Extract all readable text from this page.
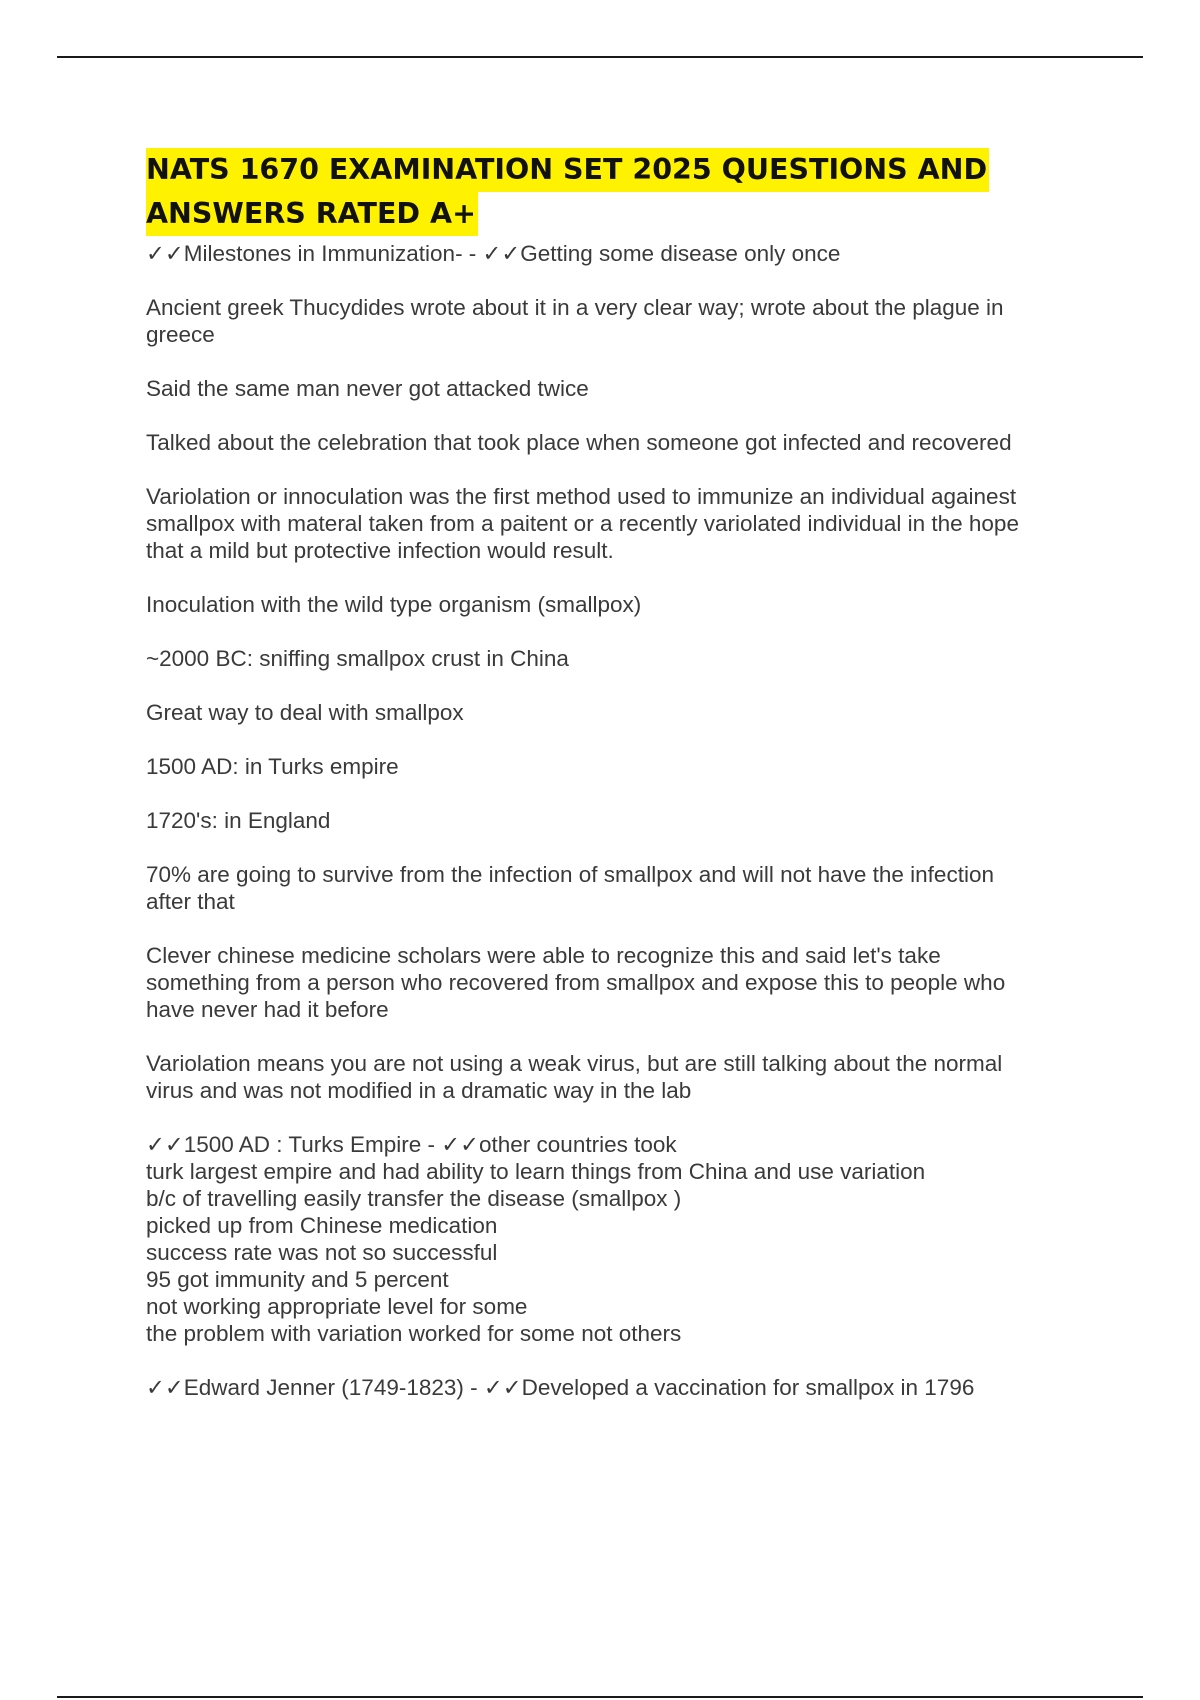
NATS 1670 EXAMINATION SET 2025 QUESTIONS AND
ANSWERS RATED A+

✓✓Milestones in Immunization- - ✓✓Getting some disease only once

Ancient greek Thucydides wrote about it in a very clear way; wrote about the plague in
greece

Said the same man never got attacked twice

Talked about the celebration that took place when someone got infected and recovered

Variolation or innoculation was the first method used to immunize an individual againest
smallpox with materal taken from a paitent or a recently variolated individual in the hope
that a mild but protective infection would result.

Inoculation with the wild type organism (smallpox)

~2000 BC: sniffing smallpox crust in China

Great way to deal with smallpox

1500 AD: in Turks empire

1720's: in England

70% are going to survive from the infection of smallpox and will not have the infection
after that

Clever chinese medicine scholars were able to recognize this and said let's take
something from a person who recovered from smallpox and expose this to people who
have never had it before

Variolation means you are not using a weak virus, but are still talking about the normal
virus and was not modified in a dramatic way in the lab

✓✓1500 AD : Turks Empire - ✓✓other countries took
turk largest empire and had ability to learn things from China and use variation
b/c of travelling easily transfer the disease (smallpox )
picked up from Chinese medication
success rate was not so successful
95 got immunity and 5 percent
not working appropriate level for some
the problem with variation worked for some not others

✓✓Edward Jenner (1749-1823) - ✓✓Developed a vaccination for smallpox in 1796
